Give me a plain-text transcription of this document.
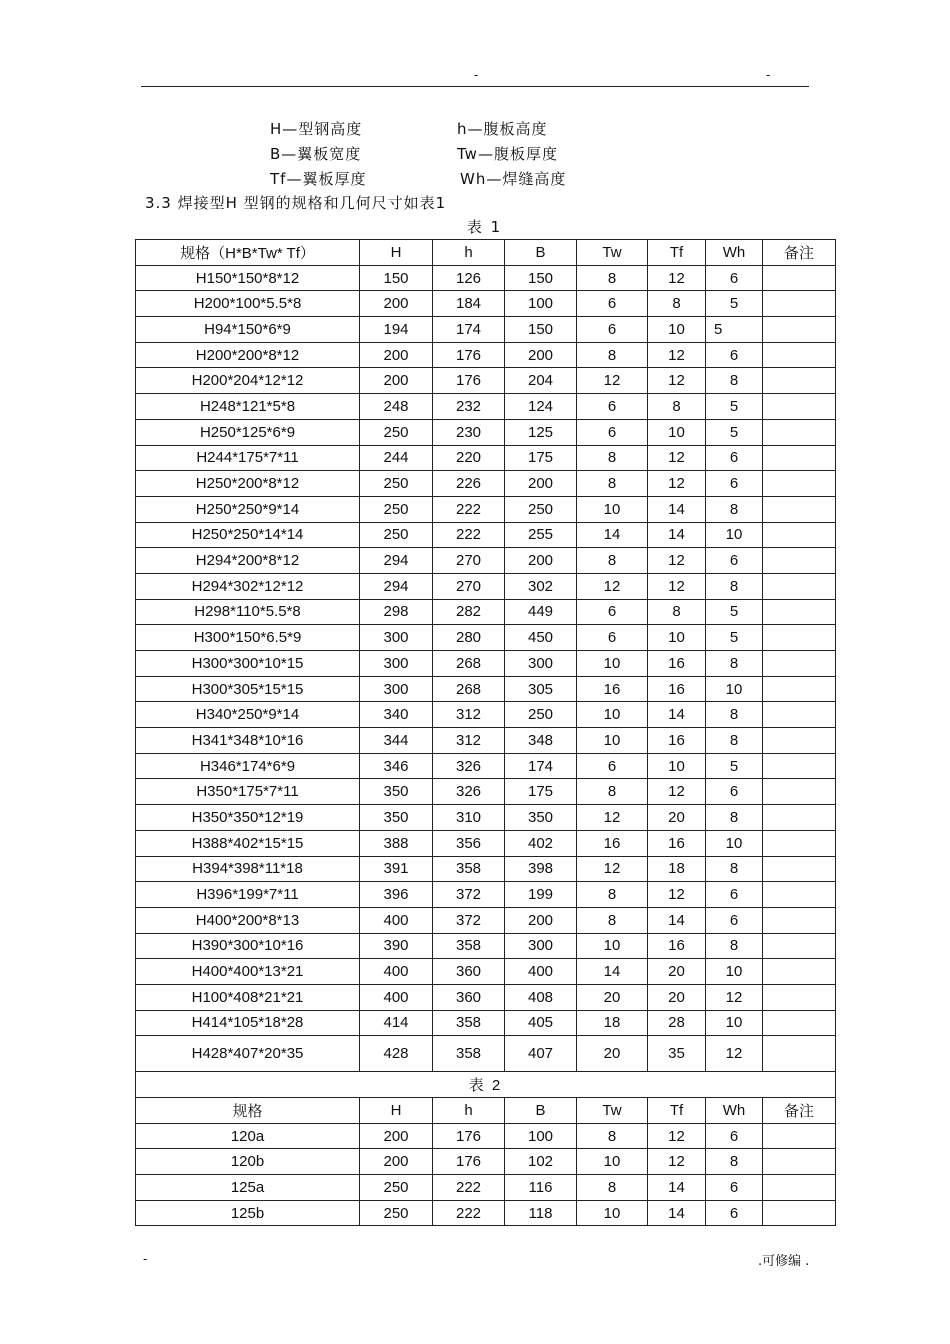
-	-
H—型钢高度	h—腹板高度
B—翼板宽度	Tw—腹板厚度
Tf—翼板厚度	Wh—焊缝高度
3.3 焊接型H 型钢的规格和几何尺寸如表1
表 1
规格（H*B*Tw* Tf）	H	h	B	Tw	Tf	Wh	备注
H150*150*8*12	150	126	150	8	12	6	
H200*100*5.5*8	200	184	100	6	8	5	
H94*150*6*9	194	174	150	6	10	5	
H200*200*8*12	200	176	200	8	12	6	
H200*204*12*12	200	176	204	12	12	8	
H248*121*5*8	248	232	124	6	8	5	
H250*125*6*9	250	230	125	6	10	5	
H244*175*7*11	244	220	175	8	12	6	
H250*200*8*12	250	226	200	8	12	6	
H250*250*9*14	250	222	250	10	14	8	
H250*250*14*14	250	222	255	14	14	10	
H294*200*8*12	294	270	200	8	12	6	
H294*302*12*12	294	270	302	12	12	8	
H298*110*5.5*8	298	282	449	6	8	5	
H300*150*6.5*9	300	280	450	6	10	5	
H300*300*10*15	300	268	300	10	16	8	
H300*305*15*15	300	268	305	16	16	10	
H340*250*9*14	340	312	250	10	14	8	
H341*348*10*16	344	312	348	10	16	8	
H346*174*6*9	346	326	174	6	10	5	
H350*175*7*11	350	326	175	8	12	6	
H350*350*12*19	350	310	350	12	20	8	
H388*402*15*15	388	356	402	16	16	10	
H394*398*11*18	391	358	398	12	18	8	
H396*199*7*11	396	372	199	8	12	6	
H400*200*8*13	400	372	200	8	14	6	
H390*300*10*16	390	358	300	10	16	8	
H400*400*13*21	400	360	400	14	20	10	
H100*408*21*21	400	360	408	20	20	12	
H414*105*18*28	414	358	405	18	28	10	
H428*407*20*35	428	358	407	20	35	12	
表 2							
规格	H	h	B	Tw	Tf	Wh	备注
120a	200	176	100	8	12	6	
120b	200	176	102	10	12	8	
125a	250	222	116	8	14	6	
125b	250	222	118	10	14	6	
-	.可修编 .
